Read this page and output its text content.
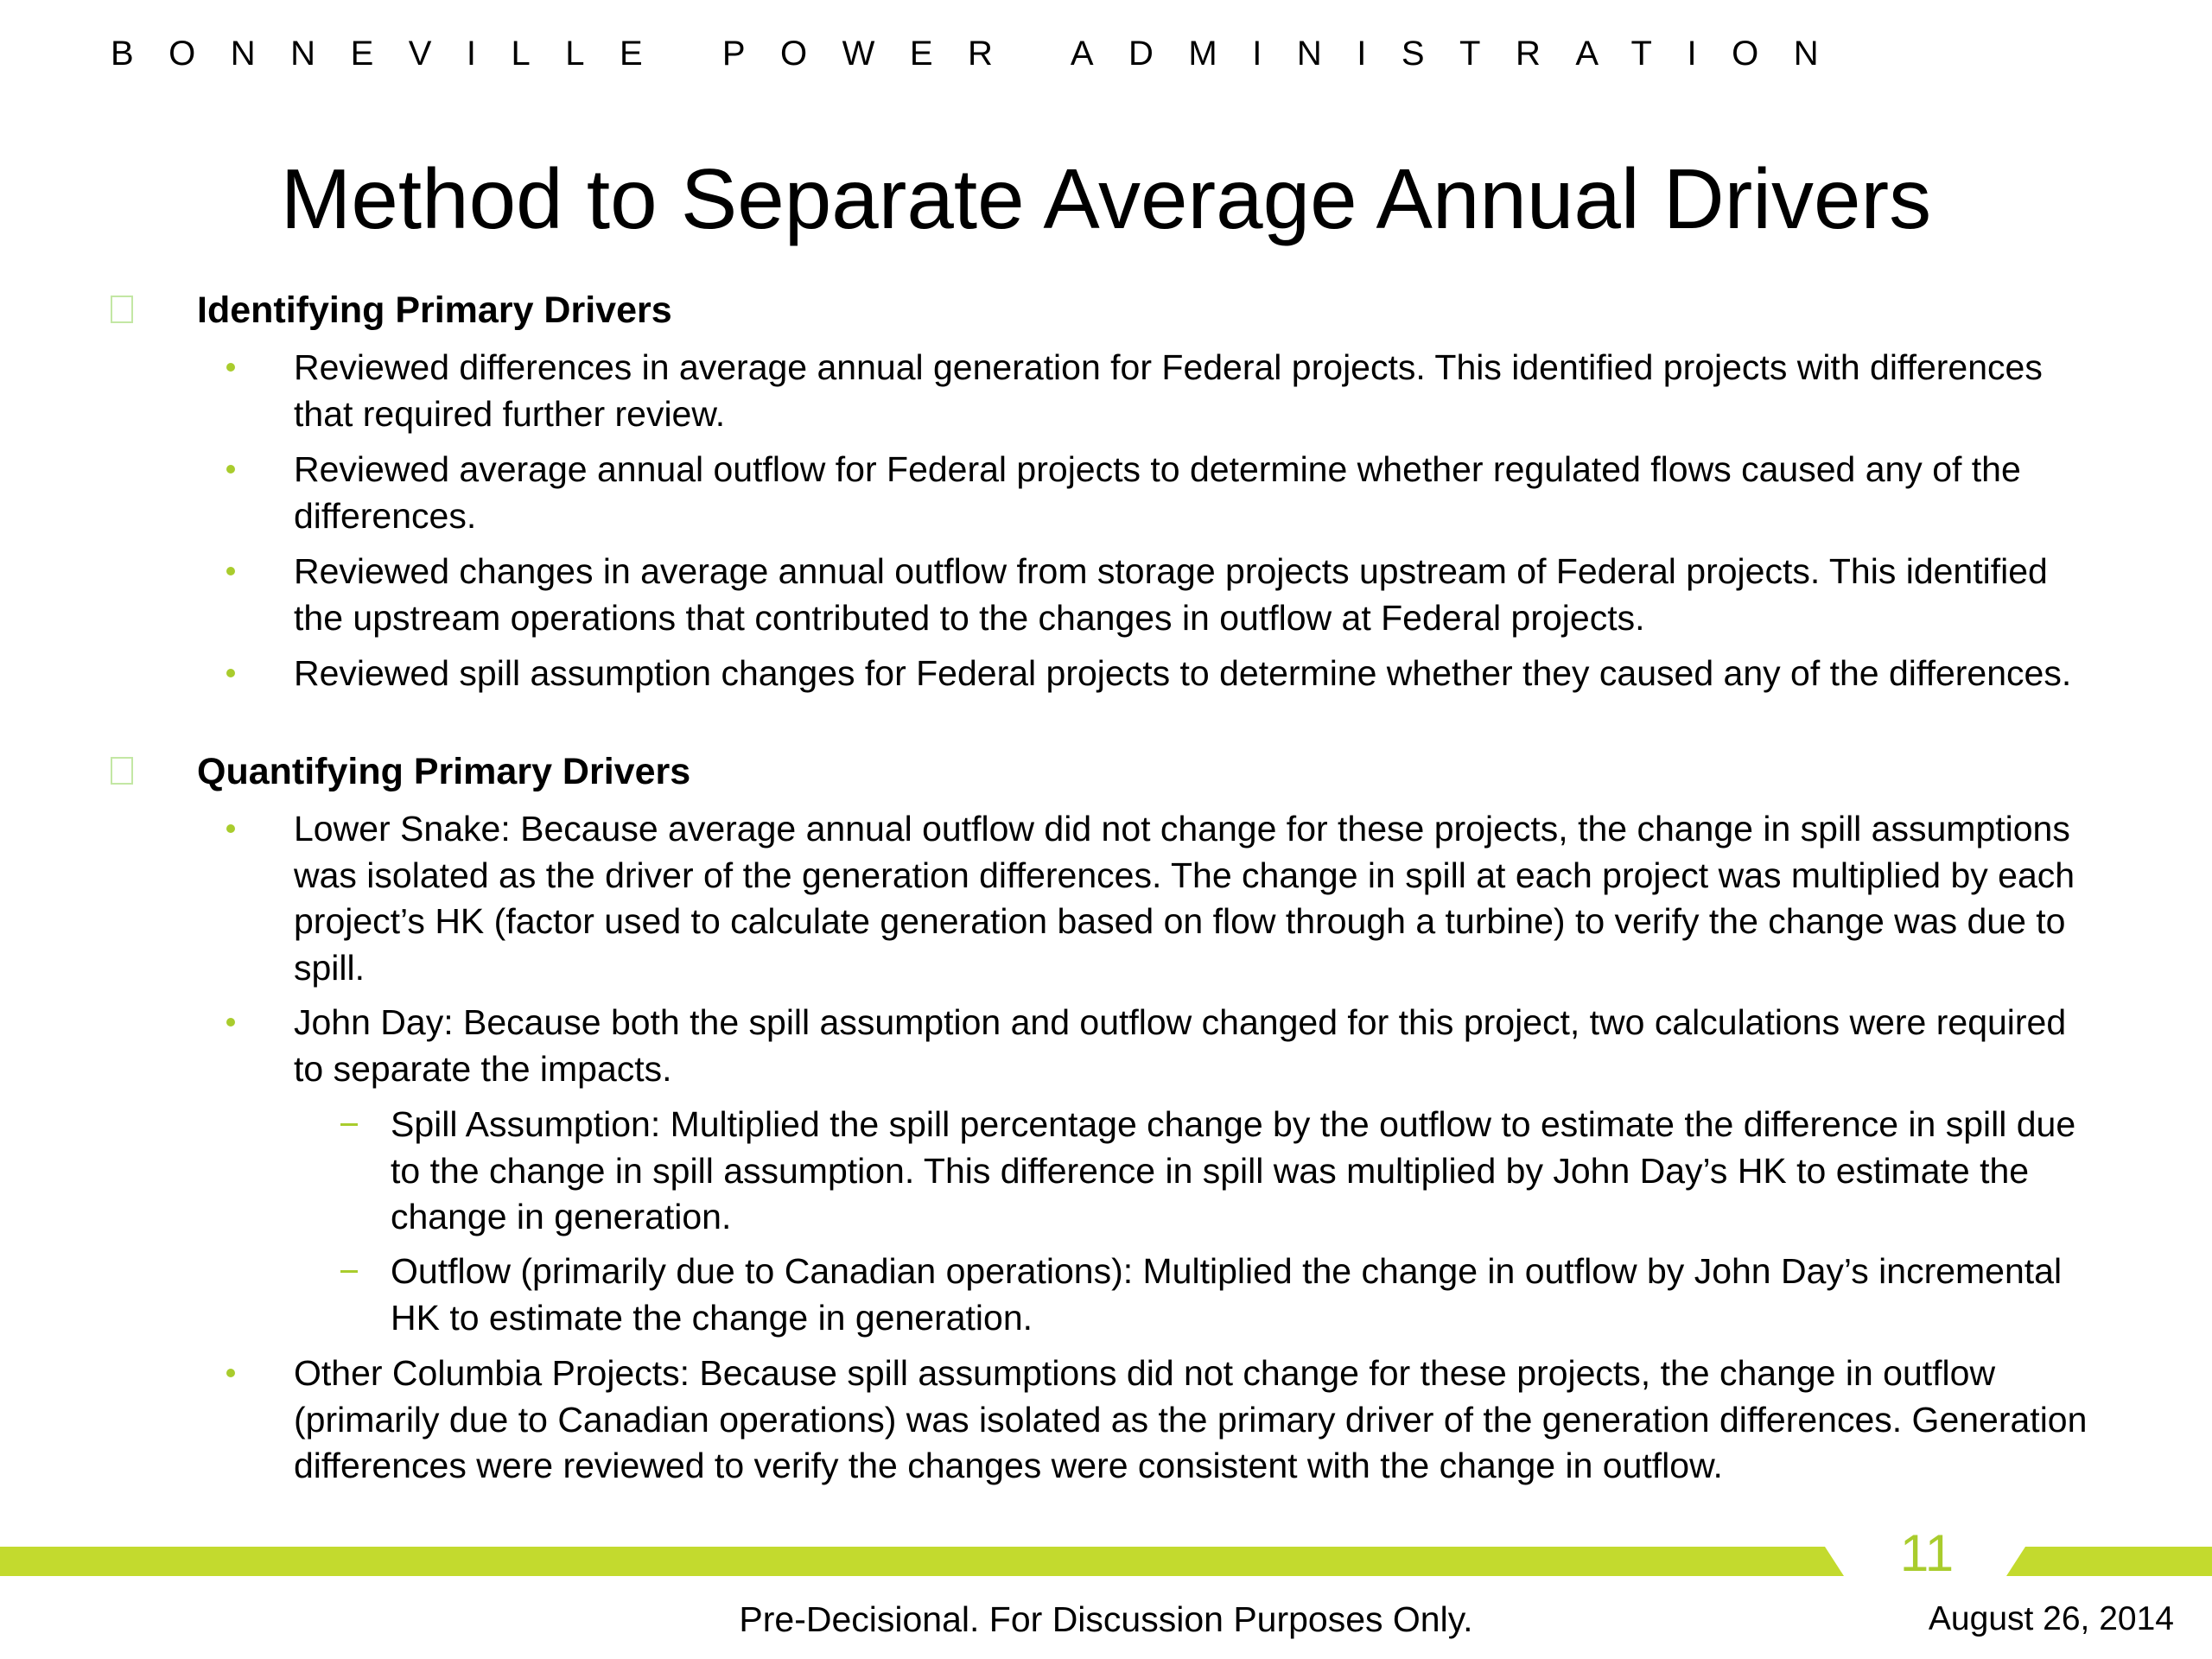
BONNEVILLE POWER ADMINISTRATION
Method to Separate Average Annual Drivers
Identifying Primary Drivers
Reviewed differences in average annual generation for Federal projects. This identified projects with differences that required further review.
Reviewed average annual outflow for Federal projects to determine whether regulated flows caused any of the differences.
Reviewed changes in average annual outflow from storage projects upstream of Federal projects. This identified the upstream operations that contributed to the changes in outflow at Federal projects.
Reviewed spill assumption changes for Federal projects to determine whether they caused any of the differences.
Quantifying Primary Drivers
Lower Snake: Because average annual outflow did not change for these projects, the change in spill assumptions was isolated as the driver of the generation differences. The change in spill at each project was multiplied by each project’s HK (factor used to calculate generation based on flow through a turbine) to verify the change was due to spill.
John Day: Because both the spill assumption and outflow changed for this project, two calculations were required to separate the impacts.
Spill Assumption: Multiplied the spill percentage change by the outflow to estimate the difference in spill due to the change in spill assumption. This difference in spill was multiplied by John Day’s HK to estimate the change in generation.
Outflow (primarily due to Canadian operations): Multiplied the change in outflow by John Day’s incremental HK to estimate the change in generation.
Other Columbia Projects: Because spill assumptions did not change for these projects, the change in outflow (primarily due to Canadian operations) was isolated as the primary driver of the generation differences. Generation differences were reviewed to verify the changes were consistent with the change in outflow.
11
Pre-Decisional. For Discussion Purposes Only.	August 26, 2014
